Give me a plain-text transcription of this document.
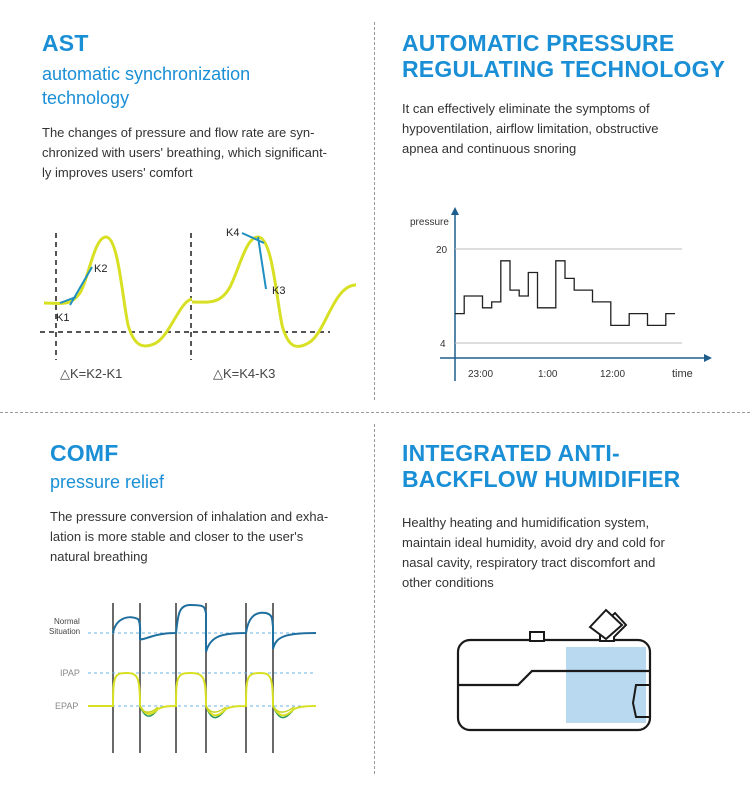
AST

automatic synchronization

technology

The changes of pressure and flow rate are syn-

chronized with users' breathing, which significant-

ly improves users' comfort

K1
K2
K4
K3
△K=K2-K1	△K=K4-K3
AUTOMATIC PRESSURE
REGULATING TECHNOLOGY

It can effectively eliminate the symptoms of

hypoventilation, airflow limitation, obstructive

apnea and continuous snoring

pressure
20
4
23:00	1:00	12:00	time
COMF

pressure relief

The pressure conversion of inhalation and exha-

lation is more stable and closer to the user's

natural breathing

Normal
Situation
IPAP
EPAP
INTEGRATED ANTI-
BACKFLOW HUMIDIFIER

Healthy heating and humidification system,

maintain ideal humidity, avoid dry and cold for

nasal cavity, respiratory tract discomfort and

other conditions
